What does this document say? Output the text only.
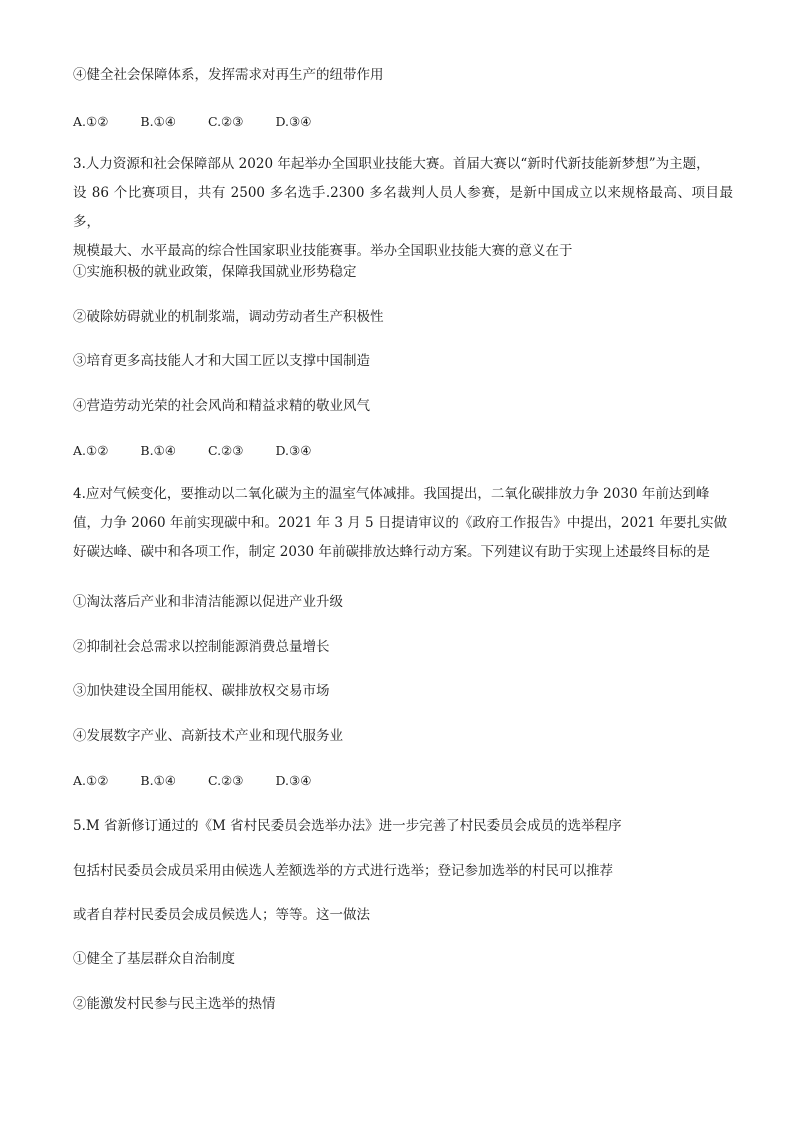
④健全社会保障体系，发挥需求对再生产的纽带作用
A.①②	B.①④	C.②③	D.③④
3.人力资源和社会保障部从 2020 年起举办全国职业技能大赛。首届大赛以“新时代新技能新梦想”为主题，
设 86 个比赛项目，共有 2500 多名选手.2300 多名裁判人员人参赛，是新中国成立以来规格最高、项目最多，
规模最大、水平最高的综合性国家职业技能赛事。举办全国职业技能大赛的意义在于
①实施积极的就业政策，保障我国就业形势稳定
②破除妨碍就业的机制浆端，调动劳动者生产积极性
③培育更多高技能人才和大国工匠以支撑中国制造
④营造劳动光荣的社会风尚和精益求精的敬业风气
A.①②	B.①④	C.②③	D.③④
4.应对气候变化，要推动以二氧化碳为主的温室气体减排。我国提出，二氧化碳排放力争 2030 年前达到峰
值，力争 2060 年前实现碳中和。2021 年 3 月 5 日提请审议的《政府工作报告》中提出，2021 年要扎实做
好碳达峰、碳中和各项工作，制定 2030 年前碳排放达蜂行动方案。下列建议有助于实现上述最终目标的是
①淘汰落后产业和非清洁能源以促进产业升级
②抑制社会总需求以控制能源消费总量增长
③加快建设全国用能权、碳排放权交易市场
④发展数字产业、高新技术产业和现代服务业
A.①②	B.①④	C.②③	D.③④
5.M 省新修订通过的《M 省村民委员会选举办法》进一步完善了村民委员会成员的选举程序
包括村民委员会成员采用由候选人差额选举的方式进行选举；登记参加选举的村民可以推荐
或者自荐村民委员会成员候选人；等等。这一做法
①健全了基层群众自治制度
②能激发村民参与民主选举的热情
